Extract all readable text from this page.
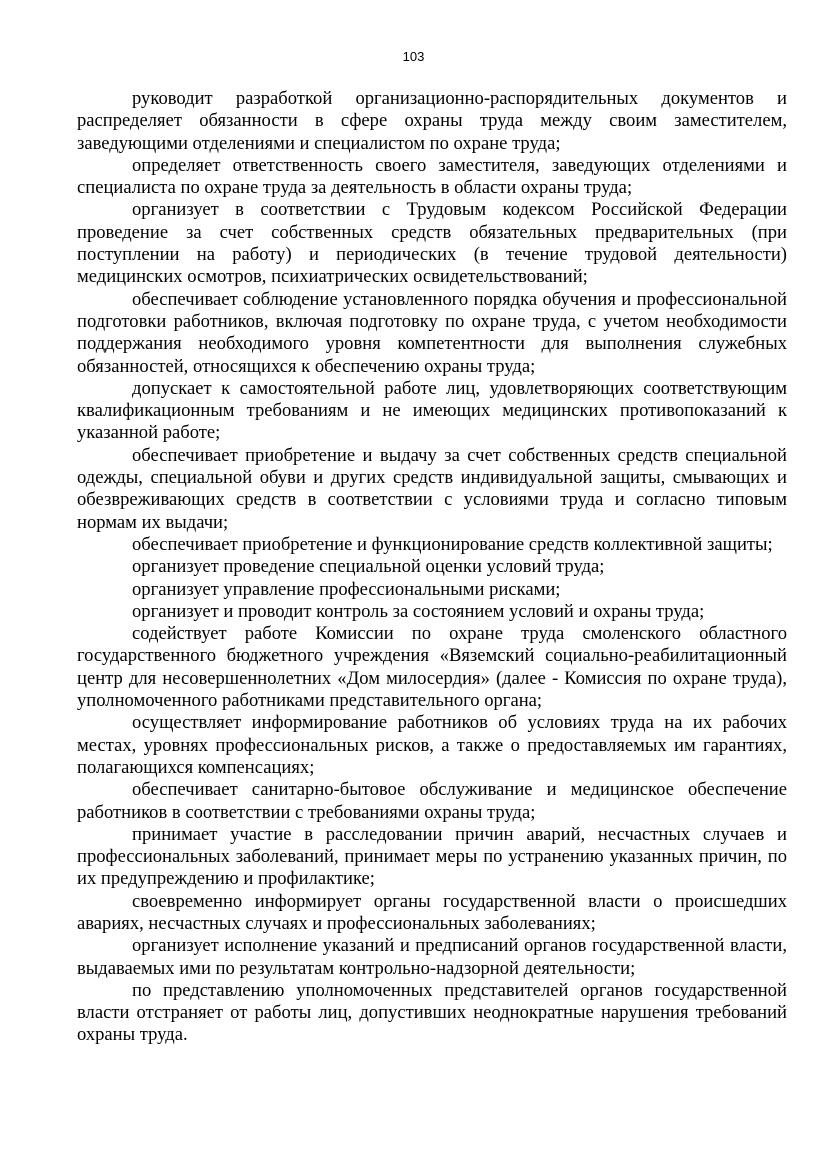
103

руководит разработкой организационно-распорядительных документов и распределяет обязанности в сфере охраны труда между своим заместителем, заведующими отделениями и специалистом по охране труда;

определяет ответственность своего заместителя, заведующих отделениями и специалиста по охране труда за деятельность в области охраны труда;

организует в соответствии с Трудовым кодексом Российской Федерации проведение за счет собственных средств обязательных предварительных (при поступлении на работу) и периодических (в течение трудовой деятельности) медицинских осмотров, психиатрических освидетельствований;

обеспечивает соблюдение установленного порядка обучения и профессиональной подготовки работников, включая подготовку по охране труда, с учетом необходимости поддержания необходимого уровня компетентности для выполнения служебных обязанностей, относящихся к обеспечению охраны труда;

допускает к самостоятельной работе лиц, удовлетворяющих соответствующим квалификационным требованиям и не имеющих медицинских противопоказаний к указанной работе;

обеспечивает приобретение и выдачу за счет собственных средств специальной одежды, специальной обуви и других средств индивидуальной защиты, смывающих и обезвреживающих средств в соответствии с условиями труда и согласно типовым нормам их выдачи;

обеспечивает приобретение и функционирование средств коллективной защиты;

организует проведение специальной оценки условий труда;

организует управление профессиональными рисками;

организует и проводит контроль за состоянием условий и охраны труда;

содействует работе Комиссии по охране труда смоленского областного государственного бюджетного учреждения «Вяземский социально-реабилитационный центр для несовершеннолетних «Дом милосердия» (далее - Комиссия по охране труда), уполномоченного работниками представительного органа;

осуществляет информирование работников об условиях труда на их рабочих местах, уровнях профессиональных рисков, а также о предоставляемых им гарантиях, полагающихся компенсациях;

обеспечивает санитарно-бытовое обслуживание и медицинское обеспечение работников в соответствии с требованиями охраны труда;

принимает участие в расследовании причин аварий, несчастных случаев и профессиональных заболеваний, принимает меры по устранению указанных причин, по их предупреждению и профилактике;

своевременно информирует органы государственной власти о происшедших авариях, несчастных случаях и профессиональных заболеваниях;

организует исполнение указаний и предписаний органов государственной власти, выдаваемых ими по результатам контрольно-надзорной деятельности;

по представлению уполномоченных представителей органов государственной власти отстраняет от работы лиц, допустивших неоднократные нарушения требований охраны труда.
